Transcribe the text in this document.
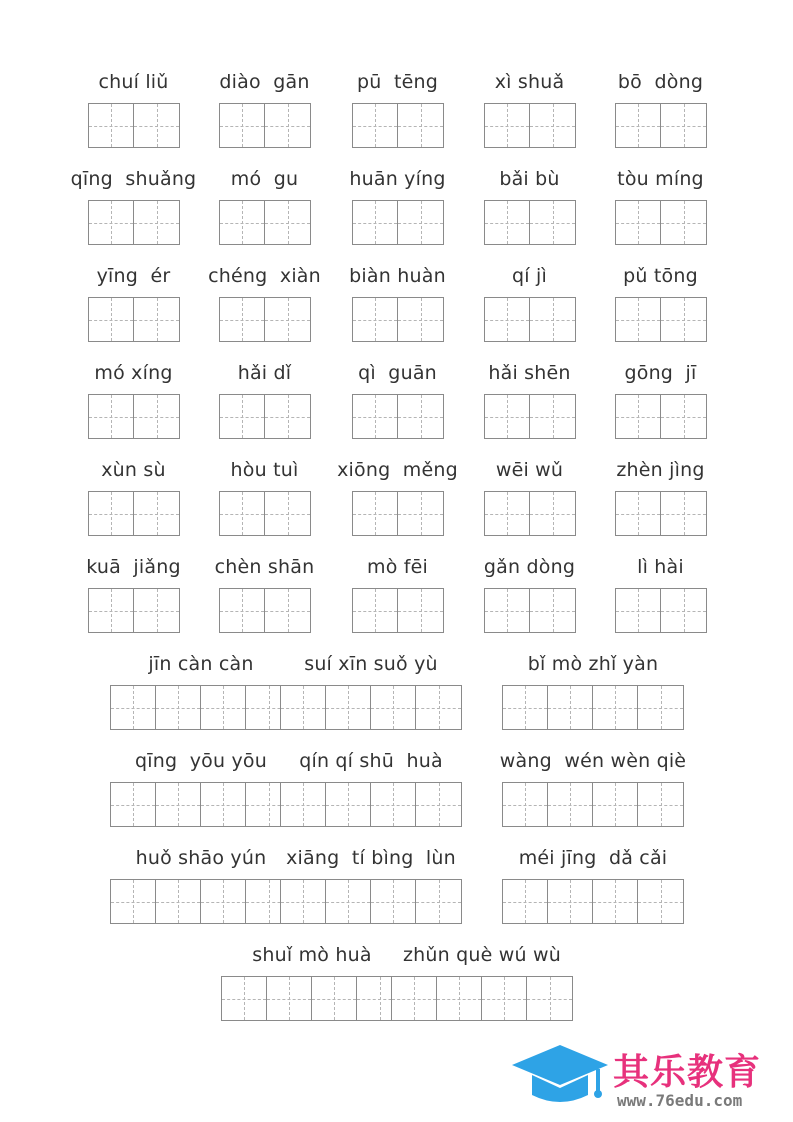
chuí liǔ	diào  gān	pū  tēng	xì shuǎ	bō  dòng
qīng  shuǎng	mó  gu	huān yíng	bǎi bù	tòu míng
yīng  ér	chéng  xiàn	biàn huàn	qí jì	pǔ tōng
mó xíng	hǎi dǐ	qì  guān	hǎi shēn	gōng  jī
xùn sù	hòu tuì	xiōng  měng	wēi wǔ	zhèn jìng
kuā  jiǎng	chèn shān	mò fēi	gǎn dòng	lì hài
jīn càn càn	suí xīn suǒ yù	bǐ mò zhǐ yàn
qīng  yōu yōu	qín qí shū  huà	wàng  wén wèn qiè
huǒ shāo yún	xiāng  tí bìng  lùn	méi jīng  dǎ cǎi
shuǐ mò huà	zhǔn què wú wù
其乐教育
www.76edu.com
